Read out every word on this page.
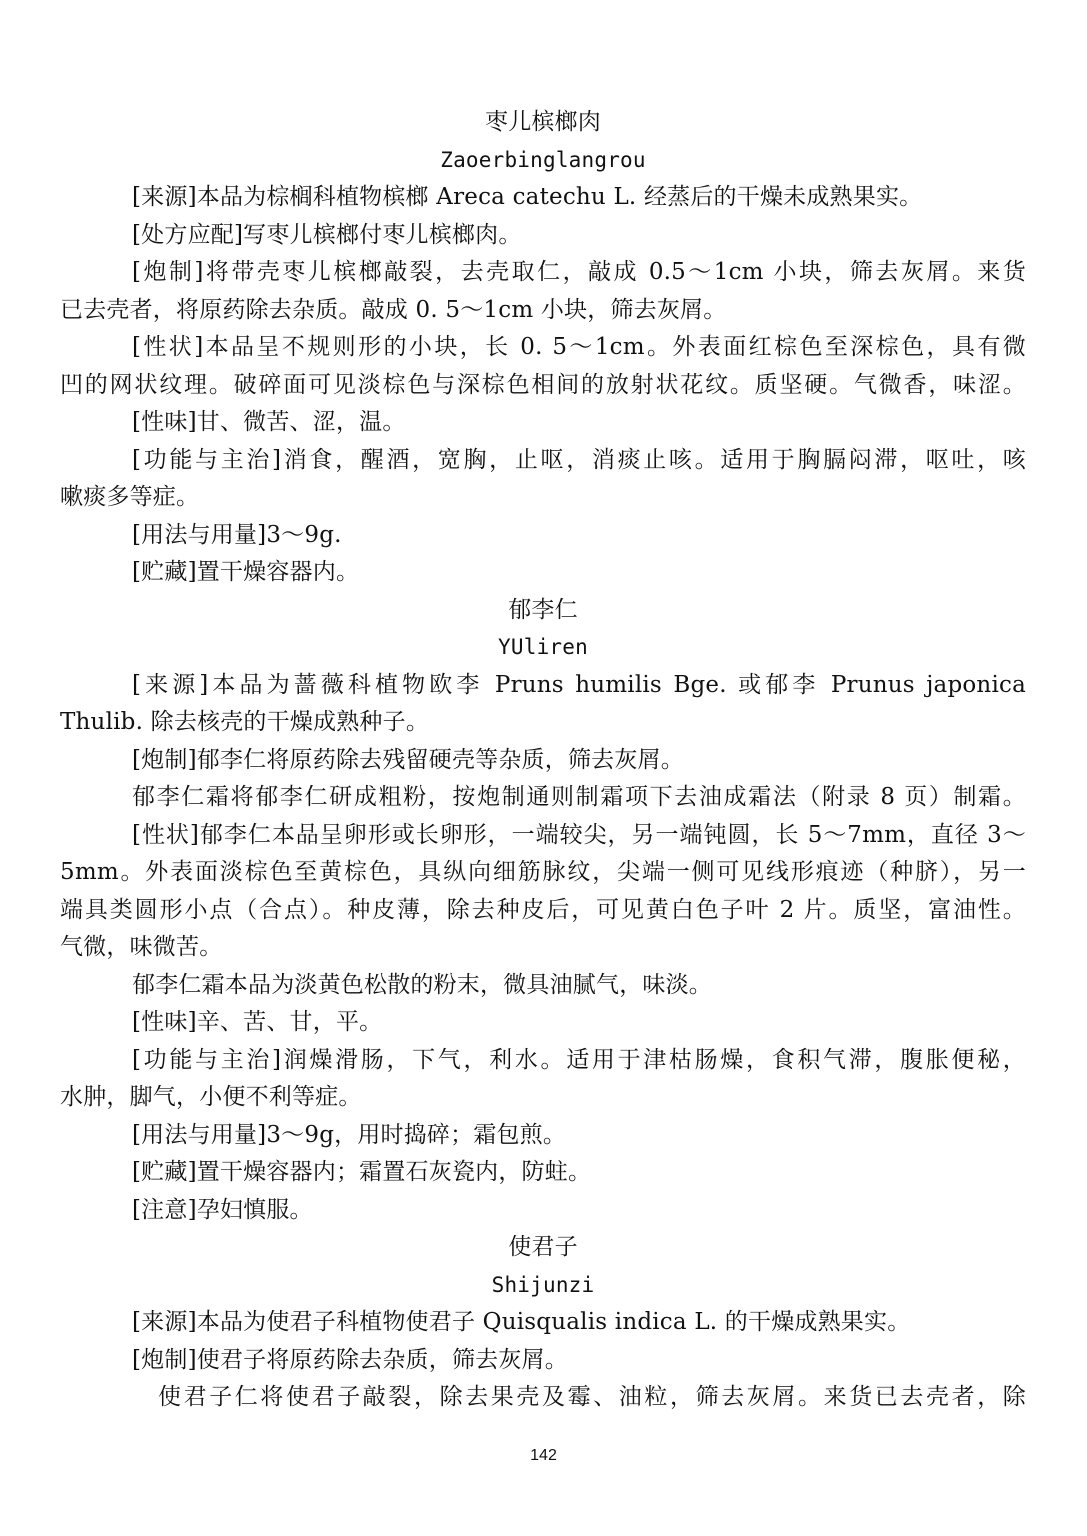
枣儿槟榔肉
Zaoerbinglangrou
[来源]本品为棕榈科植物槟榔 Areca catechu L. 经蒸后的干燥未成熟果实。
[处方应配]写枣儿槟榔付枣儿槟榔肉。
[炮制]将带壳枣儿槟榔敲裂，去壳取仁，敲成 0.5～1cm 小块，筛去灰屑。来货
已去壳者，将原药除去杂质。敲成 0. 5～1cm 小块，筛去灰屑。
[性状]本品呈不规则形的小块，长 0. 5～1cm。外表面红棕色至深棕色，具有微
凹的网状纹理。破碎面可见淡棕色与深棕色相间的放射状花纹。质坚硬。气微香，味涩。
[性味]甘、微苦、涩，温。
[功能与主治]消食，醒酒，宽胸，止呕，消痰止咳。适用于胸膈闷滞，呕吐，咳
嗽痰多等症。
[用法与用量]3～9g.
[贮藏]置干燥容器内。
郁李仁
YUliren
[来源]本品为蔷薇科植物欧李 Pruns humilis Bge. 或郁李 Prunus japonica
Thulib. 除去核壳的干燥成熟种子。
[炮制]郁李仁将原药除去残留硬壳等杂质，筛去灰屑。
郁李仁霜将郁李仁研成粗粉，按炮制通则制霜项下去油成霜法（附录 8 页）制霜。
[性状]郁李仁本品呈卵形或长卵形，一端较尖，另一端钝圆，长 5～7mm，直径 3～
5mm。外表面淡棕色至黄棕色，具纵向细筋脉纹，尖端一侧可见线形痕迹（种脐），另一
端具类圆形小点（合点）。种皮薄，除去种皮后，可见黄白色子叶 2 片。质坚，富油性。
气微，味微苦。
郁李仁霜本品为淡黄色松散的粉末，微具油腻气，味淡。
[性味]辛、苦、甘，平。
[功能与主治]润燥滑肠，下气，利水。适用于津枯肠燥，食积气滞，腹胀便秘，
水肿，脚气，小便不利等症。
[用法与用量]3～9g，用时捣碎；霜包煎。
[贮藏]置干燥容器内；霜置石灰瓷内，防蛀。
[注意]孕妇慎服。
使君子
Shijunzi
[来源]本品为使君子科植物使君子 Quisqualis indica L. 的干燥成熟果实。
[炮制]使君子将原药除去杂质，筛去灰屑。
使君子仁将使君子敲裂，除去果壳及霉、油粒，筛去灰屑。来货已去壳者，除
142
